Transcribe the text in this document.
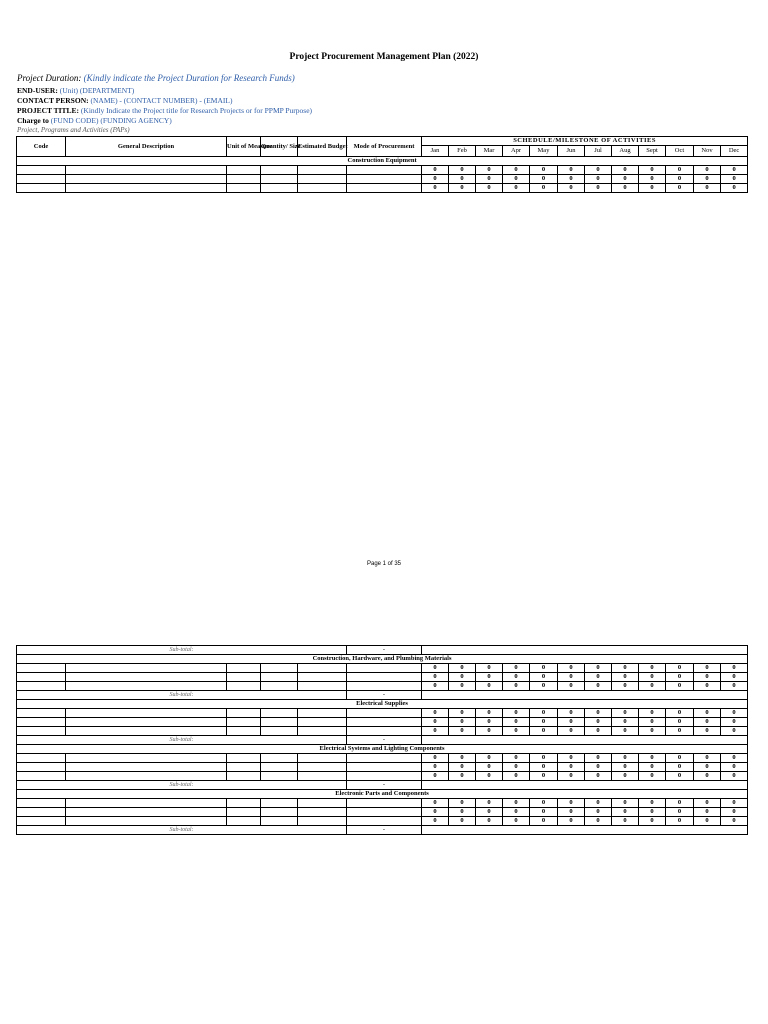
Project Procurement Management Plan (2022)
Project Duration: (Kindly indicate the Project Duration for Research Funds)
END-USER: (Unit) (DEPARTMENT)
CONTACT PERSON: (NAME) - (CONTACT NUMBER) - (EMAIL)
PROJECT TITLE: (Kindly Indicate the Project title for Research Projects or for PPMP Purpose)
Charge to (FUND CODE) (FUNDING AGENCY)
Project, Programs and Activities (PAPs)
Code	General Description	Unit of Measure	Quantity/ Size	Estimated Budget	Mode of Procurement	SCHEDULE/MILESTONE OF ACTIVITIES											
						Jan	Feb	Mar	Apr	May	Jun	Jul	Aug	Sept	Oct	Nov	Dec
Construction Equipment																	
						0	0	0	0	0	0	0	0	0	0	0	0
						0	0	0	0	0	0	0	0	0	0	0	0
						0	0	0	0	0	0	0	0	0	0	0	0
Page 1 of 35
Sub-total:					-												
Construction, Hardware, and Plumbing Materials																	
						0	0	0	0	0	0	0	0	0	0	0	0
						0	0	0	0	0	0	0	0	0	0	0	0
						0	0	0	0	0	0	0	0	0	0	0	0
Sub-total:					-												
Electrical Supplies																	
						0	0	0	0	0	0	0	0	0	0	0	0
						0	0	0	0	0	0	0	0	0	0	0	0
						0	0	0	0	0	0	0	0	0	0	0	0
Sub-total:					-												
Electrical Systems and Lighting Components																	
						0	0	0	0	0	0	0	0	0	0	0	0
						0	0	0	0	0	0	0	0	0	0	0	0
						0	0	0	0	0	0	0	0	0	0	0	0
Sub-total:					-												
Electronic Parts and Components																	
						0	0	0	0	0	0	0	0	0	0	0	0
						0	0	0	0	0	0	0	0	0	0	0	0
						0	0	0	0	0	0	0	0	0	0	0	0
Sub-total:					-												
